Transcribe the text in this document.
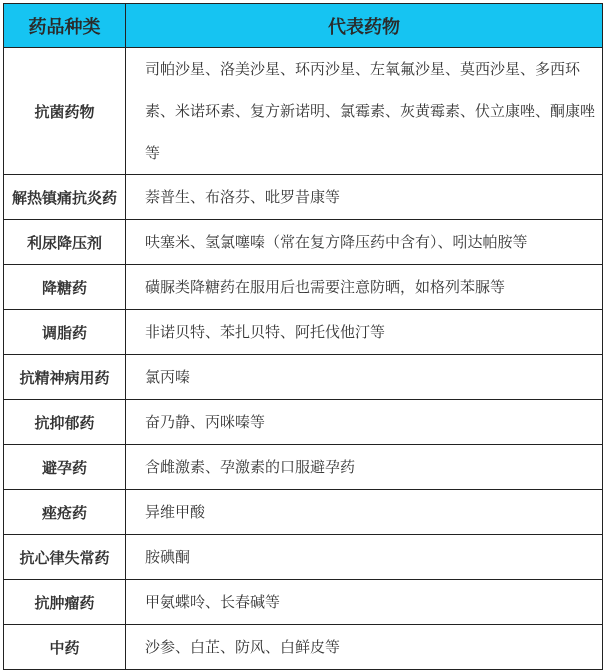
药品种类	代表药物
抗菌药物	司帕沙星、洛美沙星、环丙沙星、左氧氟沙星、莫西沙星、多西环素、米诺环素、复方新诺明、氯霉素、灰黄霉素、伏立康唑、酮康唑等
解热镇痛抗炎药	萘普生、布洛芬、吡罗昔康等
利尿降压剂	呋塞米、氢氯噻嗪（常在复方降压药中含有）、吲达帕胺等
降糖药	磺脲类降糖药在服用后也需要注意防晒，如格列苯脲等
调脂药	非诺贝特、苯扎贝特、阿托伐他汀等
抗精神病用药	氯丙嗪
抗抑郁药	奋乃静、丙咪嗪等
避孕药	含雌激素、孕激素的口服避孕药
痤疮药	异维甲酸
抗心律失常药	胺碘酮
抗肿瘤药	甲氨蝶呤、长春碱等
中药	沙参、白芷、防风、白鲜皮等
